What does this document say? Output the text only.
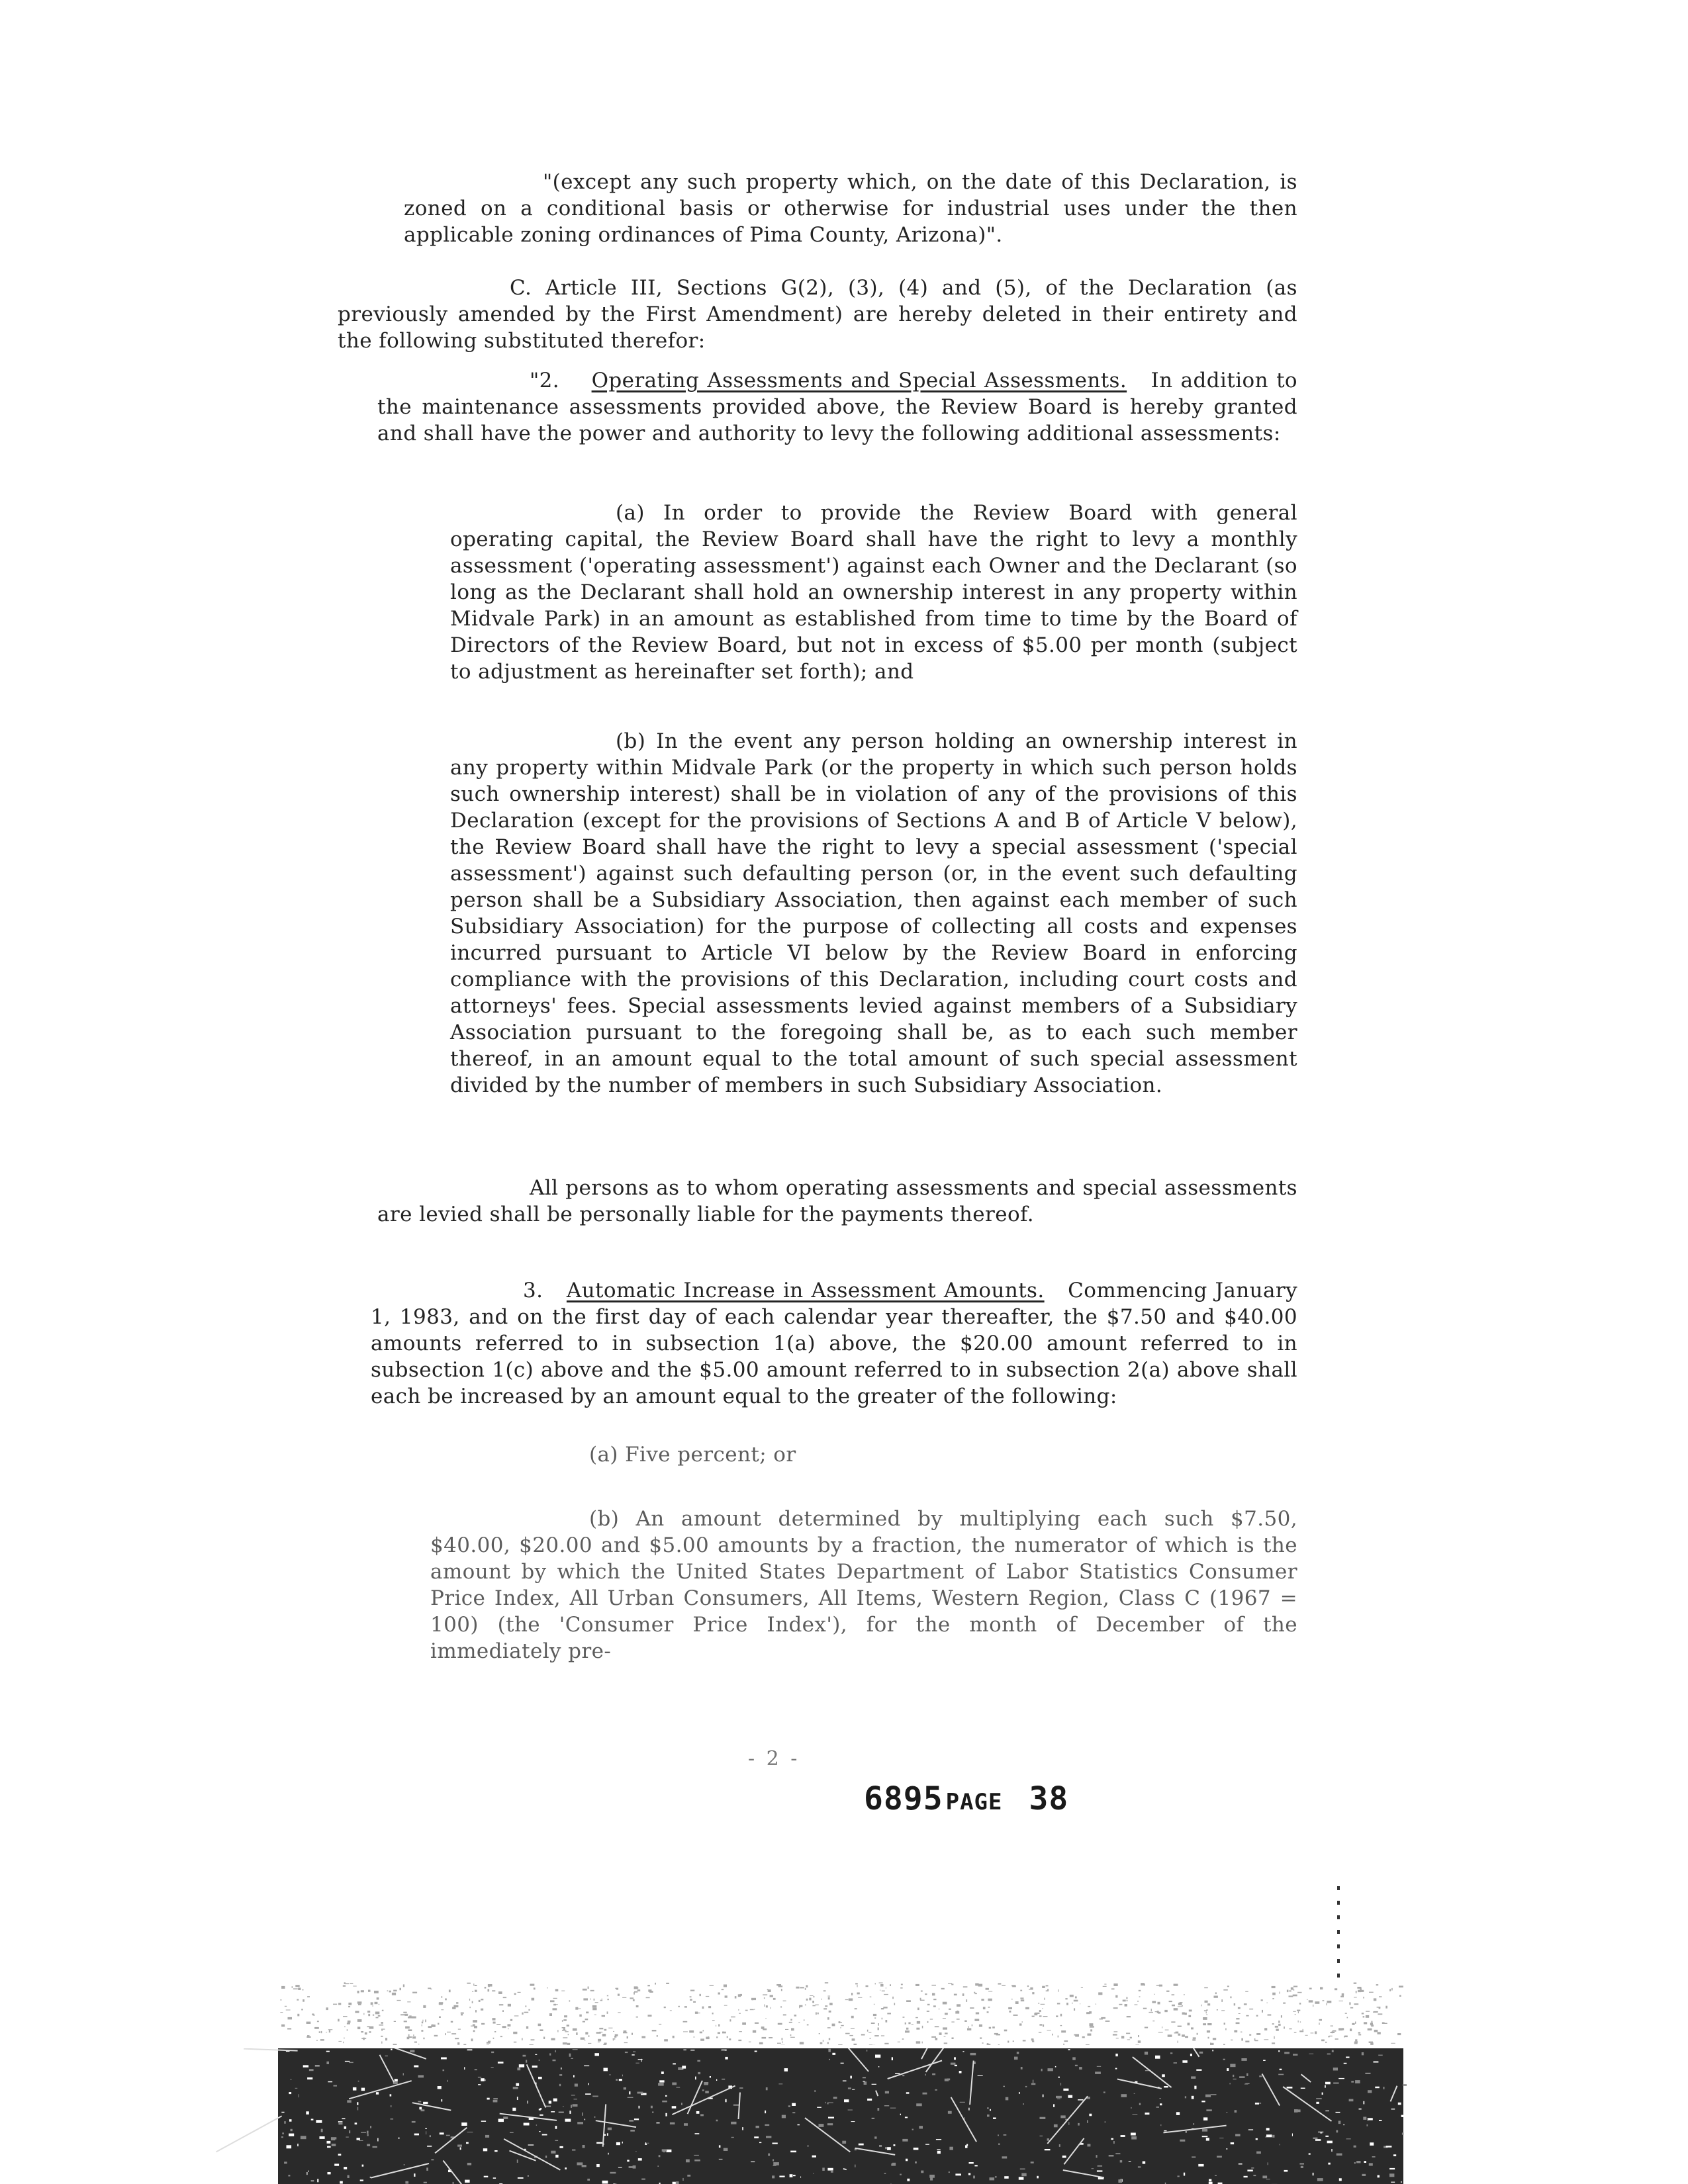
"(except any such property which, on the date of this Declaration, is zoned on a conditional basis or otherwise for industrial uses under the then applicable zoning ordinances of Pima County, Arizona)".
C. Article III, Sections G(2), (3), (4) and (5), of the Declaration (as previously amended by the First Amendment) are hereby deleted in their entirety and the following substituted therefor:
"2. Operating Assessments and Special Assessments. In addition to the maintenance assessments provided above, the Review Board is hereby granted and shall have the power and authority to levy the following additional assessments:
(a) In order to provide the Review Board with general operating capital, the Review Board shall have the right to levy a monthly assessment ('operating assessment') against each Owner and the Declarant (so long as the Declarant shall hold an ownership interest in any property within Midvale Park) in an amount as established from time to time by the Board of Directors of the Review Board, but not in excess of $5.00 per month (subject to adjustment as hereinafter set forth); and
(b) In the event any person holding an ownership interest in any property within Midvale Park (or the property in which such person holds such ownership interest) shall be in violation of any of the provisions of this Declaration (except for the provisions of Sections A and B of Article V below), the Review Board shall have the right to levy a special assessment ('special assessment') against such defaulting person (or, in the event such defaulting person shall be a Subsidiary Association, then against each member of such Subsidiary Association) for the purpose of collecting all costs and expenses incurred pursuant to Article VI below by the Review Board in enforcing compliance with the provisions of this Declaration, including court costs and attorneys' fees. Special assessments levied against members of a Subsidiary Association pursuant to the foregoing shall be, as to each such member thereof, in an amount equal to the total amount of such special assessment divided by the number of members in such Subsidiary Association.
All persons as to whom operating assessments and special assessments are levied shall be personally liable for the payments thereof.
3. Automatic Increase in Assessment Amounts. Commencing January 1, 1983, and on the first day of each calendar year thereafter, the $7.50 and $40.00 amounts referred to in subsection 1(a) above, the $20.00 amount referred to in subsection 1(c) above and the $5.00 amount referred to in subsection 2(a) above shall each be increased by an amount equal to the greater of the following:
(a) Five percent; or
(b) An amount determined by multiplying each such $7.50, $40.00, $20.00 and $5.00 amounts by a fraction, the numerator of which is the amount by which the United States Department of Labor Statistics Consumer Price Index, All Urban Consumers, All Items, Western Region, Class C (1967 = 100) (the 'Consumer Price Index'), for the month of December of the immediately pre-
- 2 -
6895 PAGE 38
